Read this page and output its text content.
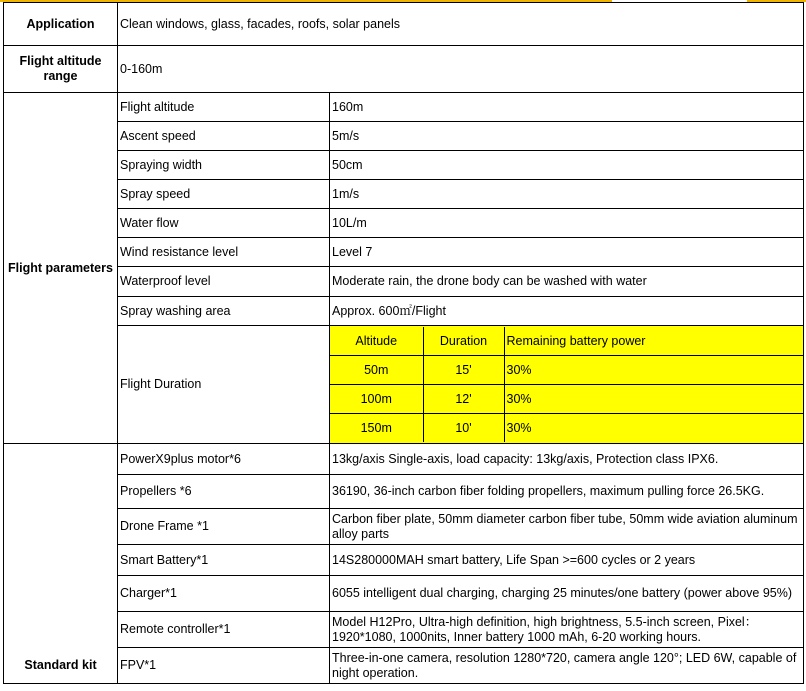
Application	Clean windows, glass, facades, roofs, solar panels
Flight altitude range	0-160m
Flight parameters	Flight altitude	160m
Ascent speed	5m/s
Spraying width	50cm
Spray speed	1m/s
Water flow	10L/m
Wind resistance level	Level 7
Waterproof level	Moderate rain, the drone body can be washed with water
Spray washing area	Approx. 600㎡/Flight
Flight Duration	
Altitude	Duration	Remaining battery power
50m	15'	30%
100m	12'	30%
150m	10'	30%

Standard kit	PowerX9plus motor*6	13kg/axis Single-axis, load capacity: 13kg/axis, Protection class IPX6.
Propellers *6	36190, 36-inch carbon fiber folding propellers, maximum pulling force 26.5KG.
Drone Frame *1	Carbon fiber plate, 50mm diameter carbon fiber tube, 50mm wide aviation aluminum alloy parts
Smart Battery*1	14S280000MAH smart battery, Life Span >=600 cycles or 2 years
Charger*1	6055 intelligent dual charging, charging 25 minutes/one battery (power above 95%)
Remote controller*1	Model H12Pro, Ultra-high definition, high brightness, 5.5-inch screen, Pixel：1920*1080, 1000nits, Inner battery 1000 mAh, 6-20 working hours.
FPV*1	Three-in-one camera, resolution 1280*720, camera angle 120°; LED 6W, capable of night operation.
